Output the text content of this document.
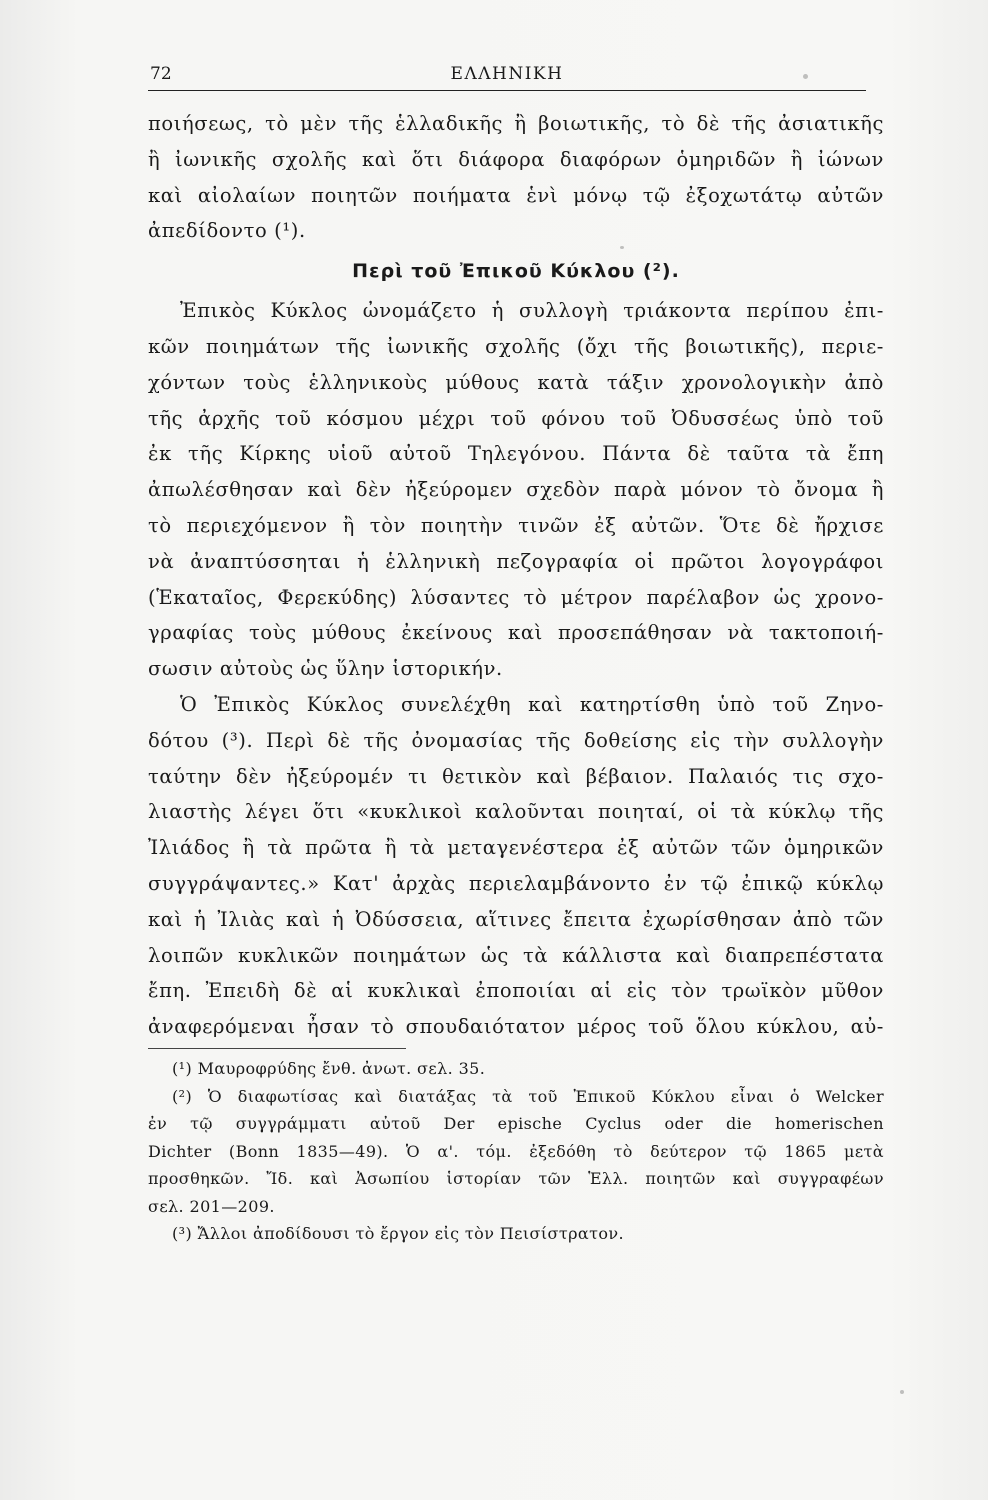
72	ΕΛΛΗΝΙΚΗ
ποιήσεως, τὸ μὲν τῆς ἑλλαδικῆς ἢ βοιωτικῆς, τὸ δὲ τῆς ἀσιατικῆς
ἢ ἰωνικῆς σχολῆς καὶ ὅτι διάφορα διαφόρων ὁμηριδῶν ἢ ἰώνων
καὶ αἰολαίων ποιητῶν ποιήματα ἑνὶ μόνῳ τῷ ἐξοχωτάτῳ αὐτῶν
ἀπεδίδοντο (¹).
Περὶ τοῦ Ἐπικοῦ Κύκλου (²).
Ἐπικὸς Κύκλος ὠνομάζετο ἡ συλλογὴ τριάκοντα περίπου ἐπι-
κῶν ποιημάτων τῆς ἰωνικῆς σχολῆς (ὄχι τῆς βοιωτικῆς), περιε-
χόντων τοὺς ἑλληνικοὺς μύθους κατὰ τάξιν χρονολογικὴν ἀπὸ
τῆς ἀρχῆς τοῦ κόσμου μέχρι τοῦ φόνου τοῦ Ὀδυσσέως ὑπὸ τοῦ
ἐκ τῆς Κίρκης υἱοῦ αὐτοῦ Τηλεγόνου. Πάντα δὲ ταῦτα τὰ ἔπη
ἀπωλέσθησαν καὶ δὲν ἠξεύρομεν σχεδὸν παρὰ μόνον τὸ ὄνομα ἢ
τὸ περιεχόμενον ἢ τὸν ποιητὴν τινῶν ἐξ αὐτῶν. Ὅτε δὲ ἤρχισε
νὰ ἀναπτύσσηται ἡ ἑλληνικὴ πεζογραφία οἱ πρῶτοι λογογράφοι
(Ἑκαταῖος, Φερεκύδης) λύσαντες τὸ μέτρον παρέλαβον ὡς χρονο-
γραφίας τοὺς μύθους ἐκείνους καὶ προσεπάθησαν νὰ τακτοποιή-
σωσιν αὐτοὺς ὡς ὕλην ἱστορικήν.
Ὁ Ἐπικὸς Κύκλος συνελέχθη καὶ κατηρτίσθη ὑπὸ τοῦ Ζηνο-
δότου (³). Περὶ δὲ τῆς ὀνομασίας τῆς δοθείσης εἰς τὴν συλλογὴν
ταύτην δὲν ἠξεύρομέν τι θετικὸν καὶ βέβαιον. Παλαιός τις σχο-
λιαστὴς λέγει ὅτι «κυκλικοὶ καλοῦνται ποιηταί, οἱ τὰ κύκλῳ τῆς
Ἰλιάδος ἢ τὰ πρῶτα ἢ τὰ μεταγενέστερα ἐξ αὐτῶν τῶν ὁμηρικῶν
συγγράψαντες.» Κατ' ἀρχὰς περιελαμβάνοντο ἐν τῷ ἐπικῷ κύκλῳ
καὶ ἡ Ἰλιὰς καὶ ἡ Ὀδύσσεια, αἵτινες ἔπειτα ἐχωρίσθησαν ἀπὸ τῶν
λοιπῶν κυκλικῶν ποιημάτων ὡς τὰ κάλλιστα καὶ διαπρεπέστατα
ἔπη. Ἐπειδὴ δὲ αἱ κυκλικαὶ ἐποποιίαι αἱ εἰς τὸν τρωϊκὸν μῦθον
ἀναφερόμεναι ἦσαν τὸ σπουδαιότατον μέρος τοῦ ὅλου κύκλου, αὐ-
(¹) Μαυροφρύδης ἔνθ. ἀνωτ. σελ. 35.
(²) Ὁ διαφωτίσας καὶ διατάξας τὰ τοῦ Ἐπικοῦ Κύκλου εἶναι ὁ Welcker
ἐν τῷ συγγράμματι αὐτοῦ Der epische Cyclus oder die homerischen
Dichter (Bonn 1835—49). Ὁ α'. τόμ. ἐξεδόθη τὸ δεύτερον τῷ 1865 μετὰ
προσθηκῶν. Ἴδ. καὶ Ἀσωπίου ἱστορίαν τῶν Ἑλλ. ποιητῶν καὶ συγγραφέων
σελ. 201—209.
(³) Ἄλλοι ἀποδίδουσι τὸ ἔργον εἰς τὸν Πεισίστρατον.
